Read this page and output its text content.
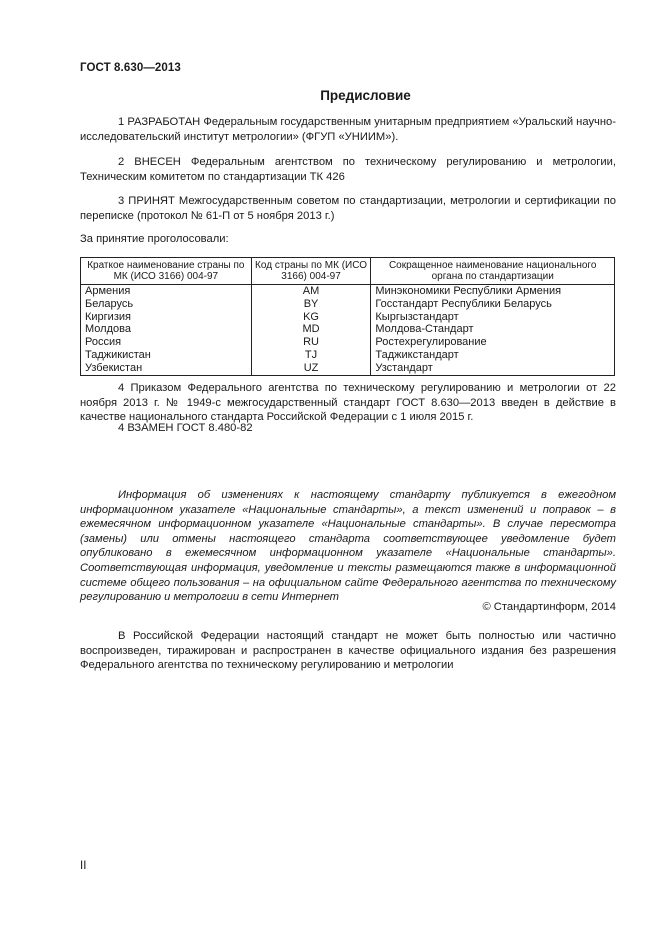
ГОСТ 8.630—2013
Предисловие
1 РАЗРАБОТАН Федеральным государственным унитарным предприятием «Уральский научно-исследовательский институт метрологии» (ФГУП «УНИИМ»).
2 ВНЕСЕН Федеральным агентством по техническому регулированию и метрологии, Техническим комитетом по стандартизации ТК 426
3 ПРИНЯТ Межгосударственным советом по стандартизации, метрологии и сертификации по переписке (протокол № 61-П от 5 ноября 2013 г.)
За принятие проголосовали:
Краткое наименование страны по МК (ИСО 3166) 004-97	Код страны по МК (ИСО 3166) 004-97	Сокращенное наименование национального органа по стандартизации
Армения	AM	Минэкономики Республики Армения
Беларусь	BY	Госстандарт Республики Беларусь
Киргизия	KG	Кыргызстандарт
Молдова	MD	Молдова-Стандарт
Россия	RU	Ростехрегулирование
Таджикистан	TJ	Таджикстандарт
Узбекистан	UZ	Узстандарт
4 Приказом Федерального агентства по техническому регулированию и метрологии от 22 ноября 2013 г. № 1949-с межгосударственный стандарт ГОСТ 8.630—2013 введен в действие в качестве национального стандарта Российской Федерации с 1 июля 2015 г.
4 ВЗАМЕН ГОСТ 8.480-82
Информация об изменениях к настоящему стандарту публикуется в ежегодном информационном указателе «Национальные стандарты», а текст изменений и поправок – в ежемесячном информационном указателе «Национальные стандарты». В случае пересмотра (замены) или отмены настоящего стандарта соответствующее уведомление будет опубликовано в ежемесячном информационном указателе «Национальные стандарты». Соответствующая информация, уведомление и тексты размещаются также в информационной системе общего пользования – на официальном сайте Федерального агентства по техническому регулированию и метрологии в сети Интернет
© Стандартинформ, 2014
В Российской Федерации настоящий стандарт не может быть полностью или частично воспроизведен, тиражирован и распространен в качестве официального издания без разрешения Федерального агентства по техническому регулированию и метрологии
II
